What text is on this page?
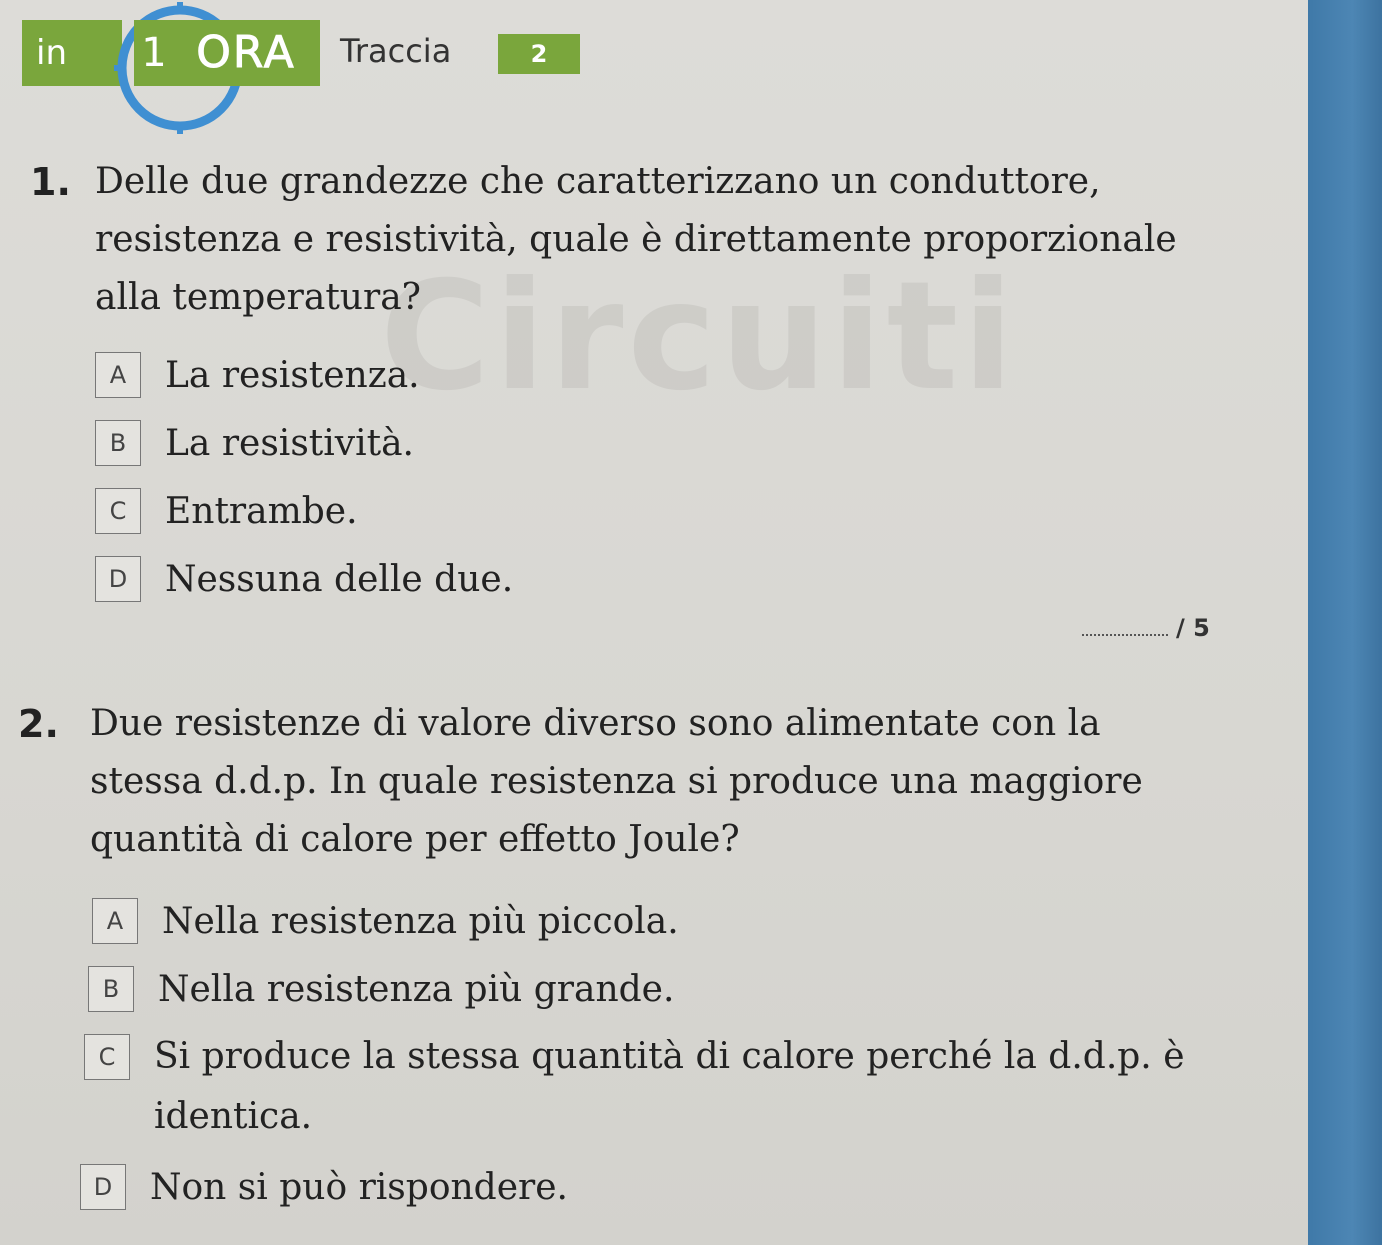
Circuiti
in	1 ORA	Traccia	2
1. Delle due grandezze che caratterizzano un conduttore,
resistenza e resistività, quale è direttamente proporzionale
alla temperatura?
A	La resistenza.
B	La resistività.
C	Entrambe.
D	Nessuna delle due.
/ 5
2. Due resistenze di valore diverso sono alimentate con la
stessa d.d.p. In quale resistenza si produce una maggiore
quantità di calore per effetto Joule?
A	Nella resistenza più piccola.
B	Nella resistenza più grande.
C	Si produce la stessa quantità di calore perché la d.d.p. è
identica.
D	Non si può rispondere.
